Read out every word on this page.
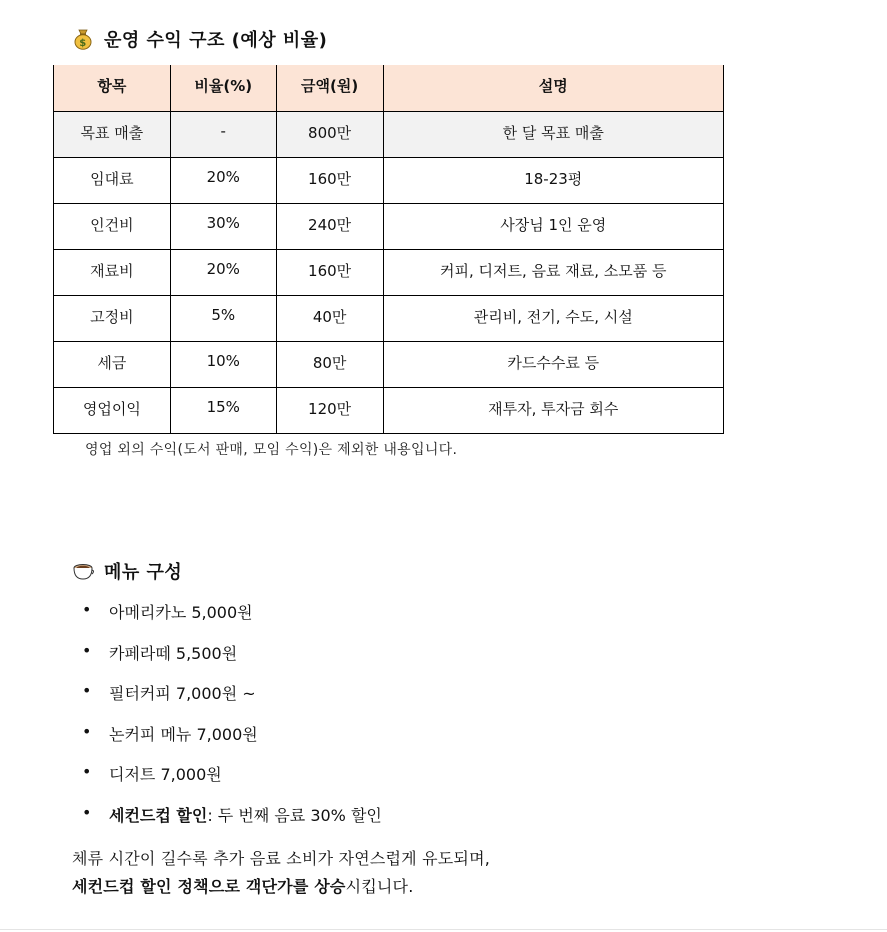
$ 운영 수익 구조 (예상 비율)
항목	비율(%)	금액(원)	설명
목표 매출	-	800만	한 달 목표 매출
임대료	20%	160만	18-23평
인건비	30%	240만	사장님 1인 운영
재료비	20%	160만	커피, 디저트, 음료 재료, 소모품 등
고정비	5%	40만	관리비, 전기, 수도, 시설
세금	10%	80만	카드수수료 등
영업이익	15%	120만	재투자, 투자금 회수
영업 외의 수익(도서 판매, 모임 수익)은 제외한 내용입니다.
메뉴 구성
•	아메리카노 5,000원
•	카페라떼 5,500원
•	필터커피 7,000원 ~
•	논커피 메뉴 7,000원
•	디저트 7,000원
•	세컨드컵 할인: 두 번째 음료 30% 할인
체류 시간이 길수록 추가 음료 소비가 자연스럽게 유도되며,
세컨드컵 할인 정책으로 객단가를 상승시킵니다.
